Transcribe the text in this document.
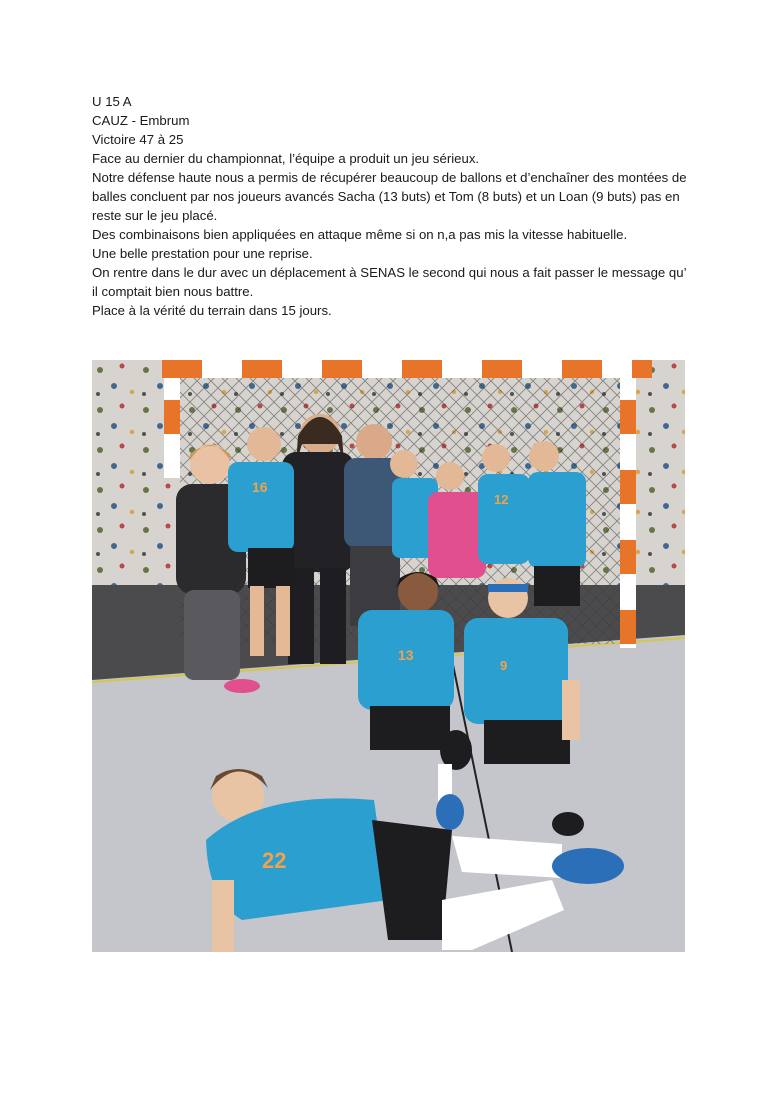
U 15 A

CAUZ - Embrum

Victoire 47 à 25

Face au dernier du championnat, l’équipe a produit un jeu sérieux.

Notre défense haute nous a permis de récupérer beaucoup de ballons et d’enchaîner des montées de balles concluent par nos joueurs avancés Sacha (13 buts) et Tom (8 buts) et un Loan (9 buts) pas en reste sur le jeu placé.

Des combinaisons bien appliquées en attaque même si on n,a pas mis la vitesse habituelle.

Une belle prestation pour une reprise.

On rentre dans le dur avec un déplacement à SENAS le second qui nous a fait passer le message qu’ il comptait bien nous battre.

Place à la vérité du terrain dans 15 jours.

16
12
13
9
22
